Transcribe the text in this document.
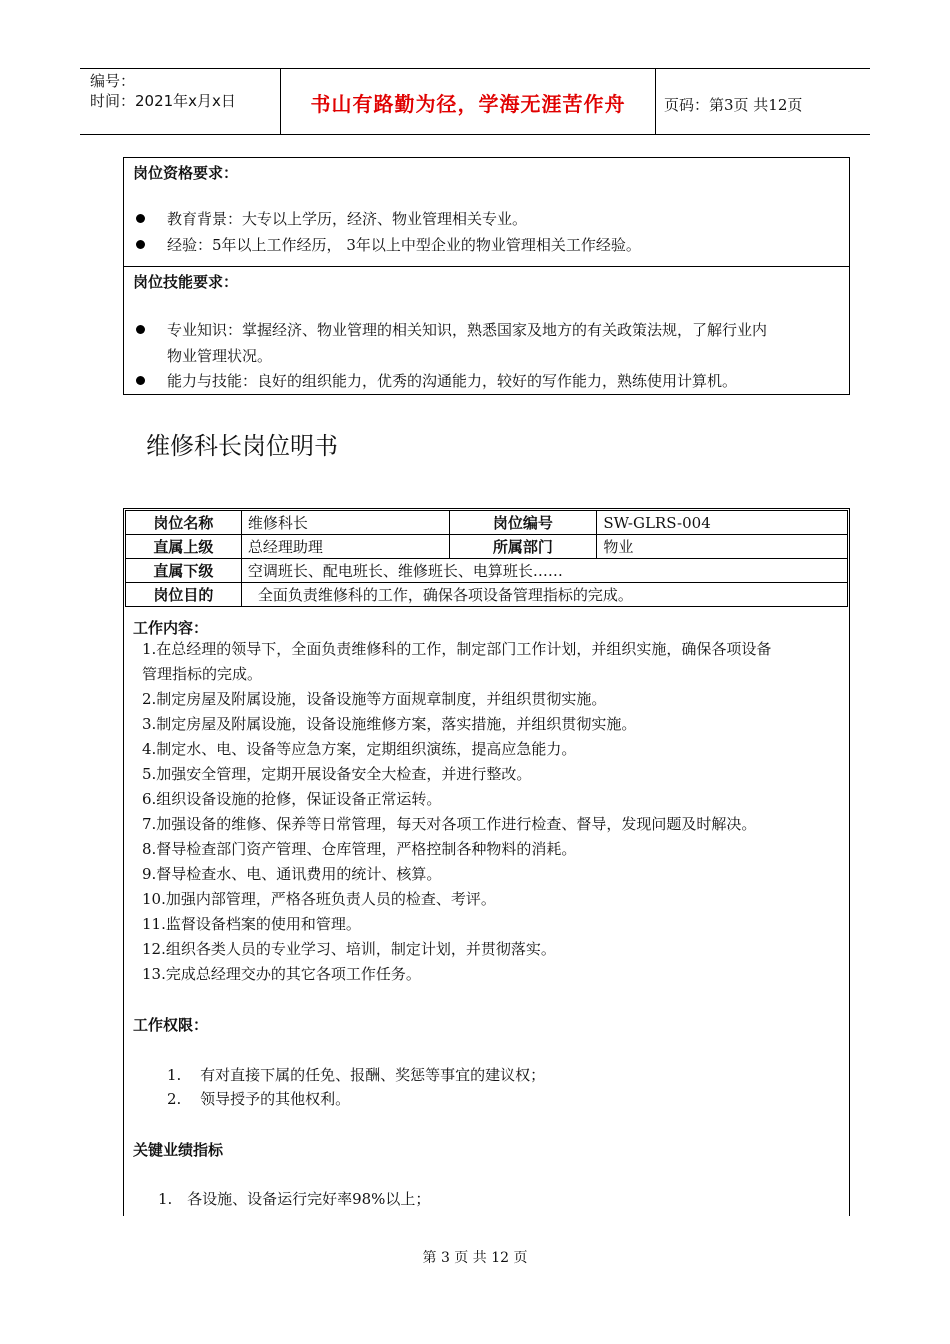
编号：
时间：2021年x月x日	书山有路勤为径，学海无涯苦作舟	页码：第3页 共12页
岗位资格要求：
教育背景：大专以上学历，经济、物业管理相关专业。
经验：5年以上工作经历， 3年以上中型企业的物业管理相关工作经验。
岗位技能要求：
专业知识：掌握经济、物业管理的相关知识，熟悉国家及地方的有关政策法规，了解行业内
物业管理状况。
能力与技能：良好的组织能力，优秀的沟通能力，较好的写作能力，熟练使用计算机。
维修科长岗位明书
岗位名称	维修科长	岗位编号	SW-GLRS-004
直属上级	总经理助理	所属部门	物业
直属下级	空调班长、配电班长、维修班长、电算班长……		
岗位目的	全面负责维修科的工作，确保各项设备管理指标的完成。		
工作内容：
1.在总经理的领导下，全面负责维修科的工作，制定部门工作计划，并组织实施，确保各项设备
管理指标的完成。
2.制定房屋及附属设施，设备设施等方面规章制度，并组织贯彻实施。
3.制定房屋及附属设施，设备设施维修方案，落实措施，并组织贯彻实施。
4.制定水、电、设备等应急方案，定期组织演练，提高应急能力。
5.加强安全管理，定期开展设备安全大检查，并进行整改。
6.组织设备设施的抢修，保证设备正常运转。
7.加强设备的维修、保养等日常管理，每天对各项工作进行检查、督导，发现问题及时解决。
8.督导检查部门资产管理、仓库管理，严格控制各种物料的消耗。
9.督导检查水、电、通讯费用的统计、核算。
10.加强内部管理，严格各班负责人员的检查、考评。
11.监督设备档案的使用和管理。
12.组织各类人员的专业学习、培训，制定计划，并贯彻落实。
13.完成总经理交办的其它各项工作任务。
工作权限：
1. 有对直接下属的任免、报酬、奖惩等事宜的建议权；
2. 领导授予的其他权利。
关键业绩指标
1. 各设施、设备运行完好率98%以上；
第 3 页 共 12 页
